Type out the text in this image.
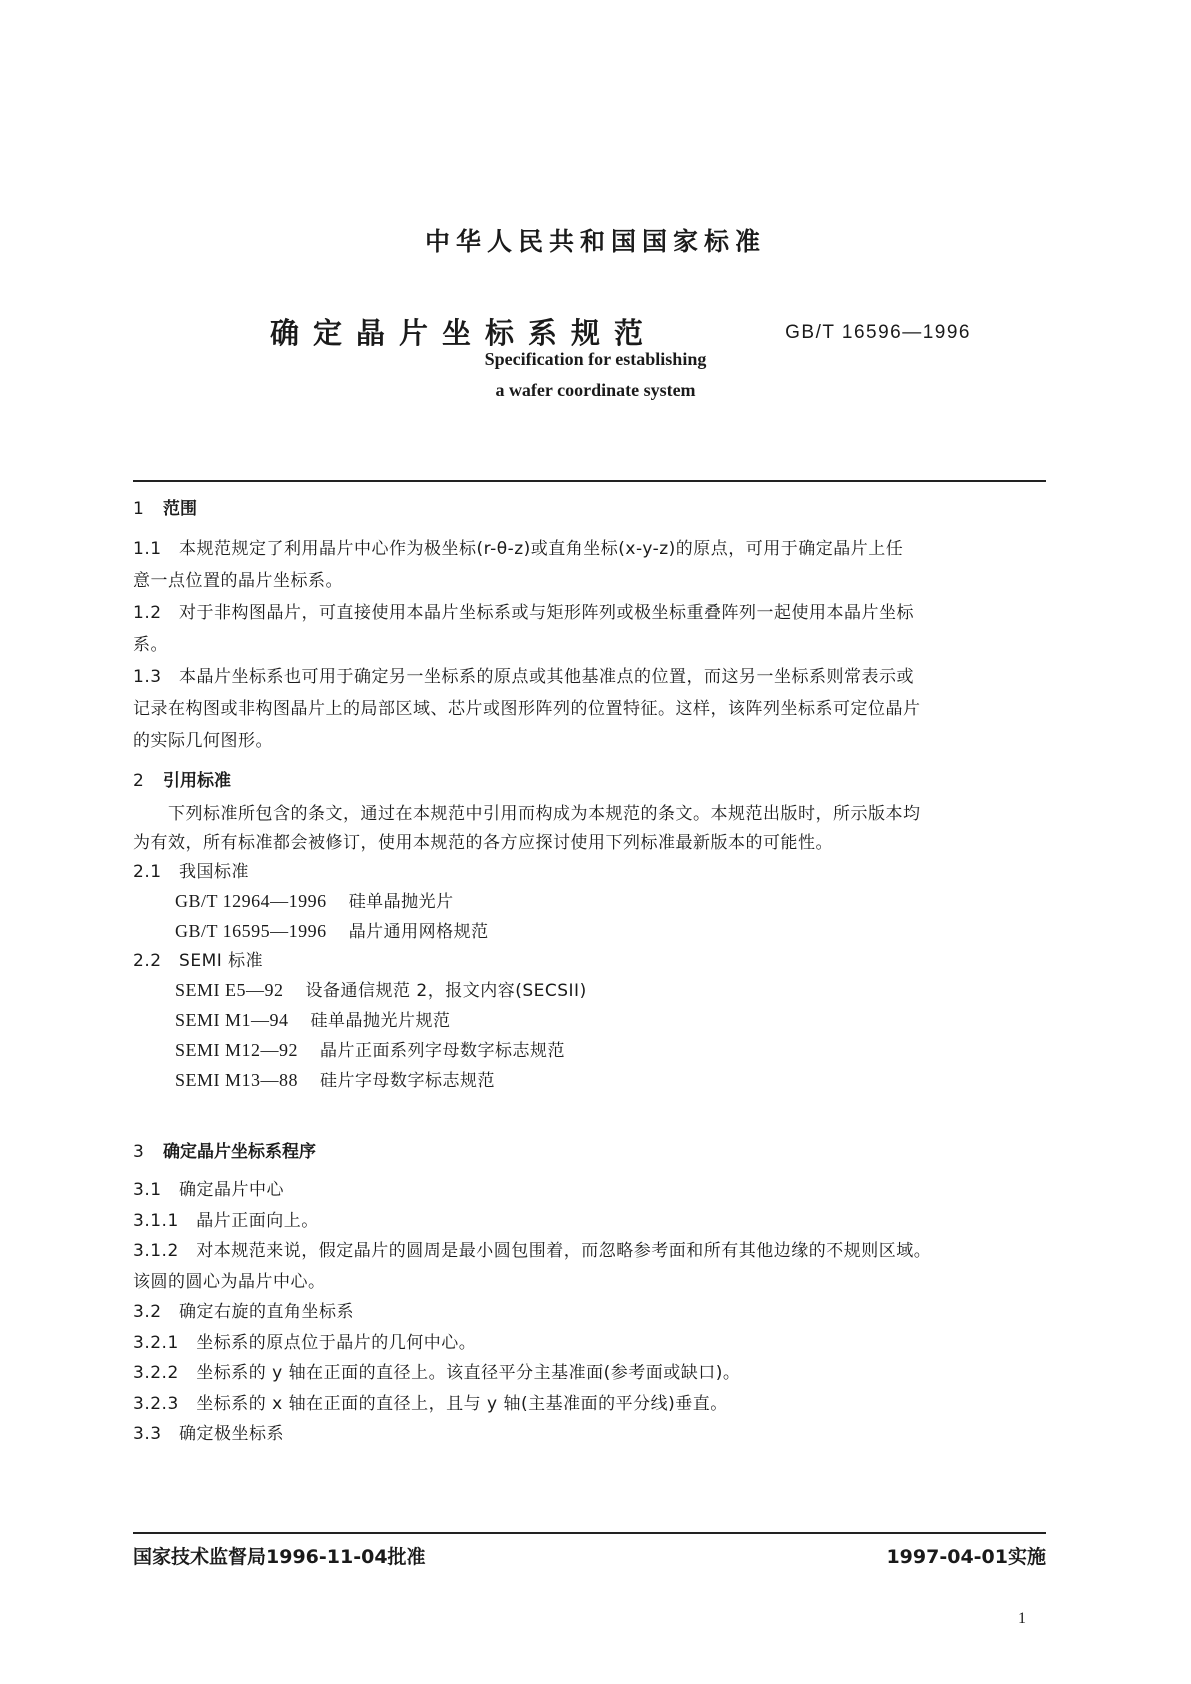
中华人民共和国国家标准
确定晶片坐标系规范	GB/T 16596—1996
Specification for establishing
a wafer coordinate system
1 范围
1.1　本规范规定了利用晶片中心作为极坐标(r-θ-z)或直角坐标(x-y-z)的原点，可用于确定晶片上任
意一点位置的晶片坐标系。
1.2　对于非构图晶片，可直接使用本晶片坐标系或与矩形阵列或极坐标重叠阵列一起使用本晶片坐标
系。
1.3　本晶片坐标系也可用于确定另一坐标系的原点或其他基准点的位置，而这另一坐标系则常表示或
记录在构图或非构图晶片上的局部区域、芯片或图形阵列的位置特征。这样，该阵列坐标系可定位晶片
的实际几何图形。
2 引用标准
　　下列标准所包含的条文，通过在本规范中引用而构成为本规范的条文。本规范出版时，所示版本均
为有效，所有标准都会被修订，使用本规范的各方应探讨使用下列标准最新版本的可能性。
2.1　我国标准
GB/T 12964—1996 硅单晶抛光片
GB/T 16595—1996 晶片通用网格规范
2.2　SEMI 标准
SEMI E5—92 设备通信规范 2，报文内容(SECSII)
SEMI M1—94 硅单晶抛光片规范
SEMI M12—92 晶片正面系列字母数字标志规范
SEMI M13—88 硅片字母数字标志规范
3 确定晶片坐标系程序
3.1　确定晶片中心
3.1.1　晶片正面向上。
3.1.2　对本规范来说，假定晶片的圆周是最小圆包围着，而忽略参考面和所有其他边缘的不规则区域。
该圆的圆心为晶片中心。
3.2　确定右旋的直角坐标系
3.2.1　坐标系的原点位于晶片的几何中心。
3.2.2　坐标系的 y 轴在正面的直径上。该直径平分主基准面(参考面或缺口)。
3.2.3　坐标系的 x 轴在正面的直径上，且与 y 轴(主基准面的平分线)垂直。
3.3　确定极坐标系
国家技术监督局1996-11-04批准	1997-04-01实施
1
